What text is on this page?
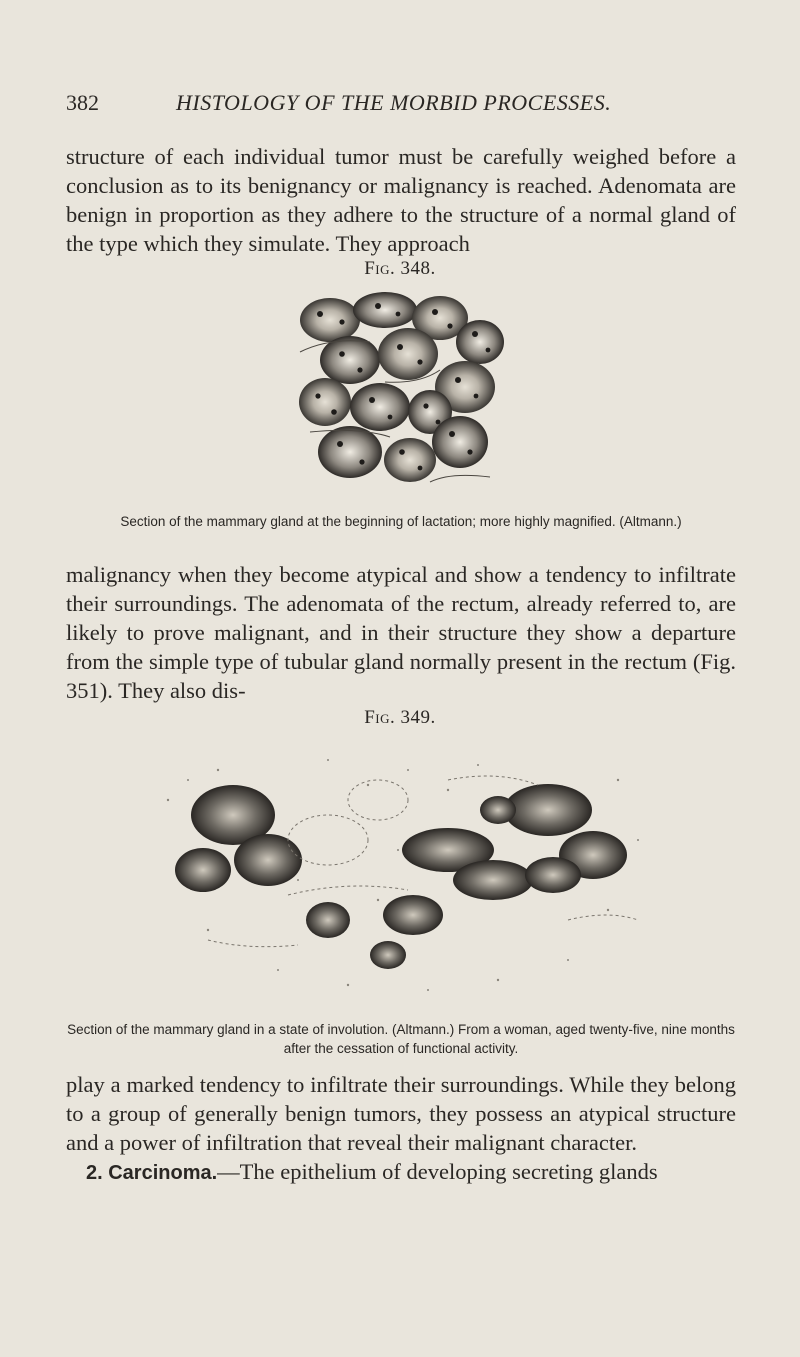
382	HISTOLOGY OF THE MORBID PROCESSES.
structure of each individual tumor must be carefully weighed before a conclusion as to its benignancy or malignancy is reached. Adenomata are benign in proportion as they adhere to the structure of a normal gland of the type which they simulate. They approach
Fig. 348.
Section of the mammary gland at the beginning of lactation; more highly magnified. (Altmann.)
malignancy when they become atypical and show a tendency to infiltrate their surroundings. The adenomata of the rectum, already referred to, are likely to prove malignant, and in their structure they show a departure from the simple type of tubular gland normally present in the rectum (Fig. 351). They also dis-
Fig. 349.
Section of the mammary gland in a state of involution. (Altmann.) From a woman, aged twenty-five, nine months after the cessation of functional activity.
play a marked tendency to infiltrate their surroundings. While they belong to a group of generally benign tumors, they possess an atypical structure and a power of infiltration that reveal their malignant character.
2. Carcinoma.—The epithelium of developing secreting glands
